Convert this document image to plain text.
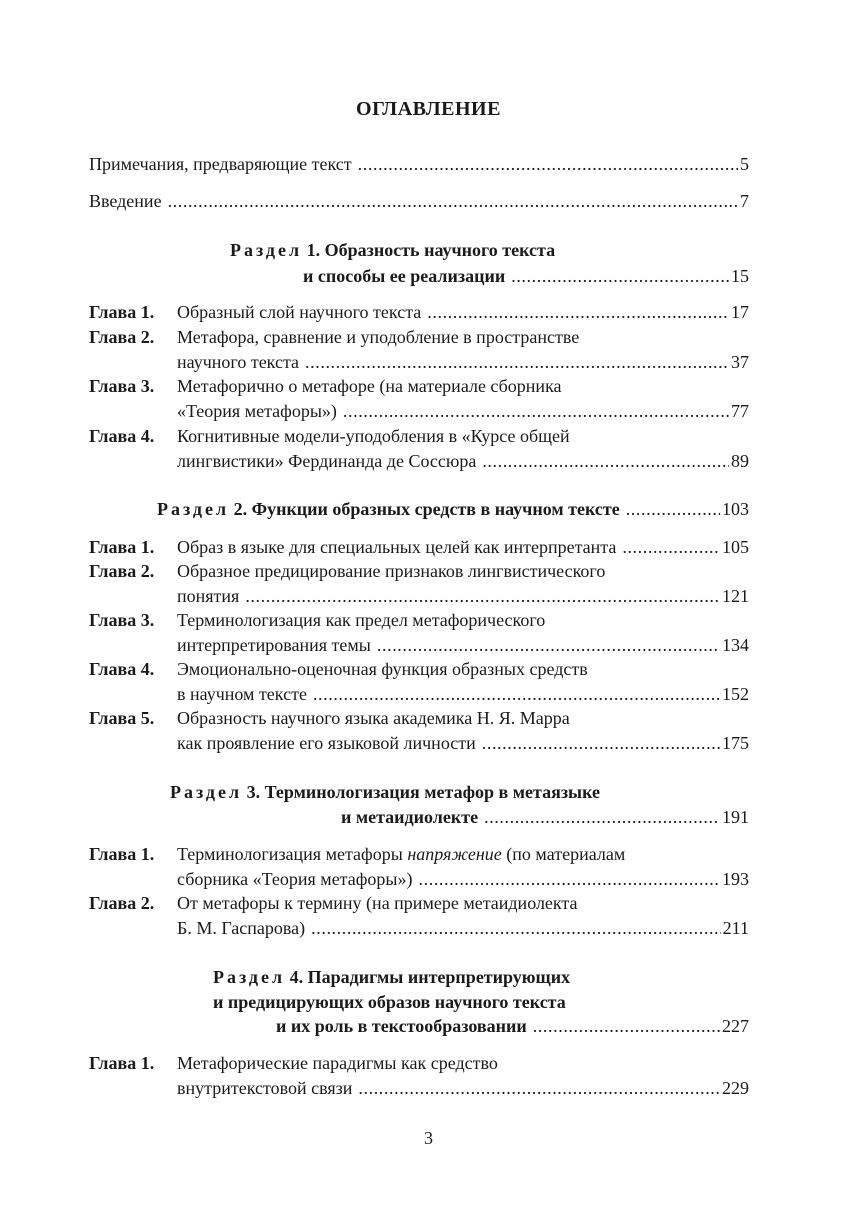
ОГЛАВЛЕНИЕ
Примечания, предваряющие текст .....	5
Введение .....	7
Раздел
1.
Образность научного текста
и способы ее реализации .....	15
Глава 1. Образный слой научного текста .....	17
Глава 2. Метафора, сравнение и уподобление в пространстве
научного текста .....	37
Глава 3. Метафорично о метафоре (на материале сборника
«Теория метафоры») .....	77
Глава 4. Когнитивные модели-уподобления в «Курсе общей
лингвистики» Фердинанда де Соссюра .....	89
Раздел
2.
Функции образных средств в научном тексте .....	103
Глава 1. Образ в языке для специальных целей как интерпретанта .....	105
Глава 2. Образное предицирование признаков лингвистического
понятия .....	121
Глава 3. Терминологизация как предел метафорического
интерпретирования темы .....	134
Глава 4. Эмоционально-оценочная функция образных средств
в научном тексте .....	152
Глава 5. Образность научного языка академика Н. Я. Марра
как проявление его языковой личности .....	175
Раздел
3.
Терминологизация метафор в метаязыке
и метаидиолекте .....	191
Глава 1. Терминологизация метафоры
напряжение
(по материалам
сборника «Теория метафоры») .....	193
Глава 2. От метафоры к термину (на примере метаидиолекта
Б. М. Гаспарова) .....	211
Раздел
4.
Парадигмы интерпретирующих
и предицирующих образов научного текста
и их роль в текстообразовании .....	227
Глава 1. Метафорические парадигмы как средство
внутритекстовой связи .....	229
3
